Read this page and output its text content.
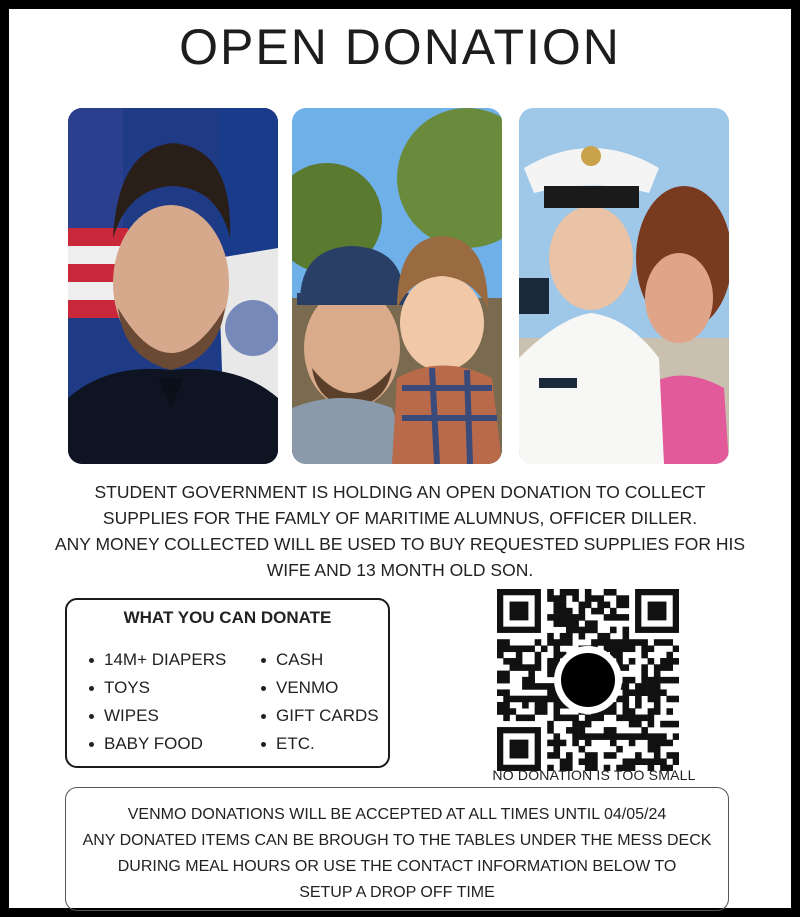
OPEN DONATION
STUDENT GOVERNMENT IS HOLDING AN OPEN DONATION TO COLLECT
SUPPLIES FOR THE FAMLY OF MARITIME ALUMNUS, OFFICER DILLER.
ANY MONEY COLLECTED WILL BE USED TO BUY REQUESTED SUPPLIES FOR HIS
WIFE AND 13 MONTH OLD SON.
WHAT YOU CAN DONATE
14M+ DIAPERS
TOYS
WIPES
BABY FOOD
CASH
VENMO
GIFT CARDS
ETC.
NO DONATION IS TOO SMALL

VENMO DONATIONS WILL BE ACCEPTED AT ALL TIMES UNTIL 04/05/24
ANY DONATED ITEMS CAN BE BROUGH TO THE TABLES UNDER THE MESS DECK
DURING MEAL HOURS OR USE THE CONTACT INFORMATION BELOW TO
SETUP A DROP OFF TIME
